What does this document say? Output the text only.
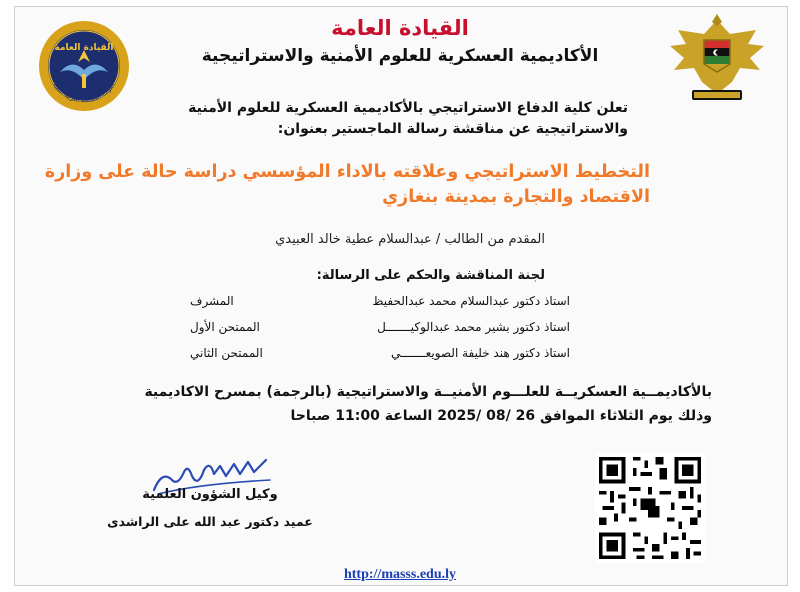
القيادة العامة
القوات المسلحة العربية الليبية
القيادة العامة
الأكاديمية العسكرية للعلوم الأمنية والاستراتيجية
تعلن كلية الدفاع الاستراتيجي بالأكاديمية العسكرية للعلوم الأمنية
والاستراتيجية عن مناقشة رسالة الماجستير بعنوان:
التخطيط الاستراتيجي وعلاقته بالاداء المؤسسي دراسة حالة على وزارة
الاقتصاد والتجارة بمدينة بنغازي
المقدم من الطالب / عبدالسلام عطية خالد العبيدي
لجنة المناقشة والحكم على الرسالة:
استاذ دكتور عبدالسلام محمد عبدالحفيظ
المشرف
استاذ دكتور بشير محمد عبدالوكيـــــــل
الممتحن الأول
استاذ دكتور هند خليفة الصويعـــــــي
الممتحن الثاني
بالأكاديمــية العسكريــة للعلـــوم الأمنيــة والاستراتيجية (بالرجمة) بمسرح الاكاديمية
وذلك يوم الثلاثاء الموافق 26 /08 /2025 الساعة 11:00 صباحا
وكيل الشؤون العلمية
عميد دكتور عبد الله على الراشدى
http://masss.edu.ly
